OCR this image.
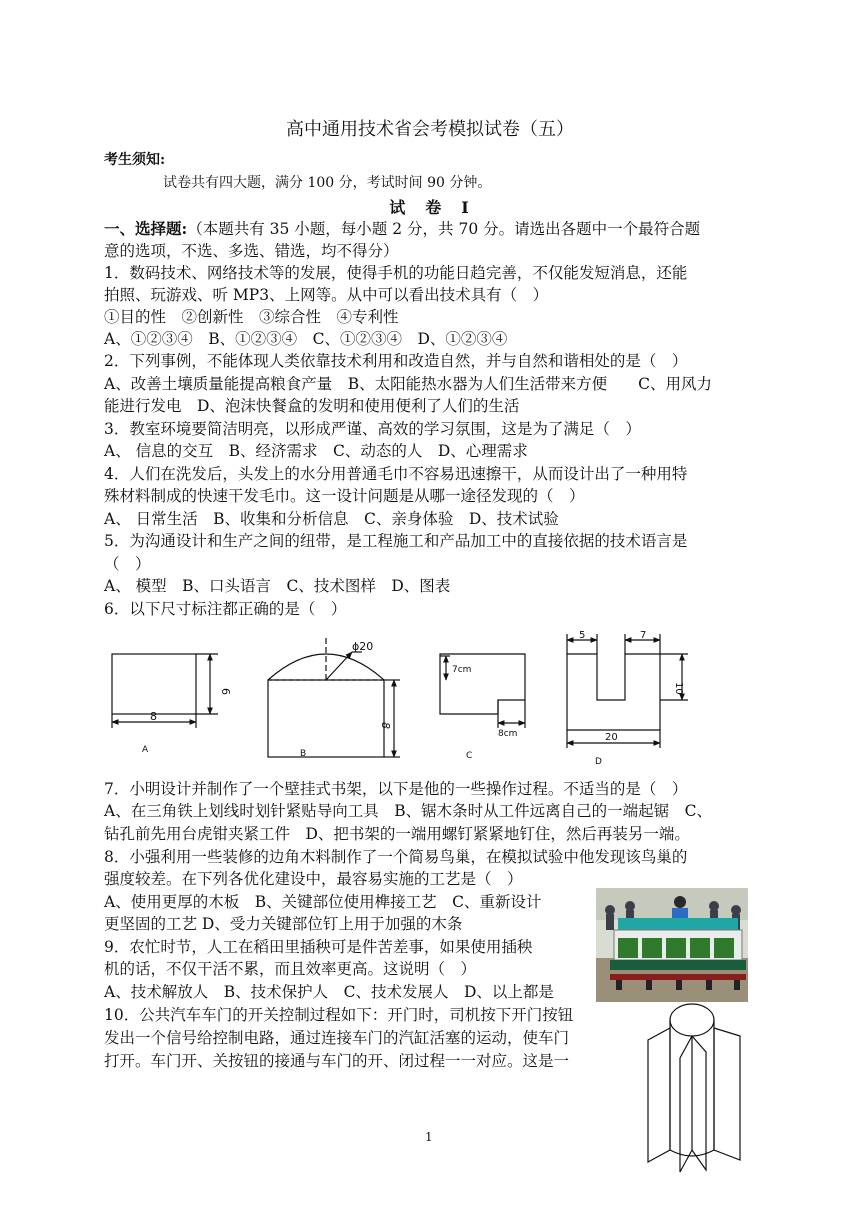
高中通用技术省会考模拟试卷（五）
考生须知:
试卷共有四大题，满分 100 分，考试时间 90 分钟。
试　卷　Ⅰ
一、选择题:（本题共有 35 小题，每小题 2 分，共 70 分。请选出各题中一个最符合题
意的选项，不选、多选、错选，均不得分）
1．数码技术、网络技术等的发展，使得手机的功能日趋完善，不仅能发短消息，还能
拍照、玩游戏、听 MP3、上网等。从中可以看出技术具有（　）
①目的性　②创新性　③综合性　④专利性
A、①②③④　B、①②③④　C、①②③④　D、①②③④
2．下列事例，不能体现人类依靠技术利用和改造自然，并与自然和谐相处的是（　）
A、改善土壤质量能提高粮食产量　B、太阳能热水器为人们生活带来方便　　C、用风力
能进行发电　D、泡沫快餐盒的发明和使用便利了人们的生活
3．教室环境要简洁明亮，以形成严谨、高效的学习氛围，这是为了满足（　）
A、 信息的交互　B、经济需求　C、动态的人　D、心理需求
4．人们在洗发后，头发上的水分用普通毛巾不容易迅速擦干，从而设计出了一种用特
殊材料制成的快速干发毛巾。这一设计问题是从哪一途径发现的（　）
A、 日常生活　B、收集和分析信息　C、亲身体验　D、技术试验
5．为沟通设计和生产之间的纽带，是工程施工和产品加工中的直接依据的技术语言是
（　）
A、 模型　B、口头语言　C、技术图样　D、图表
6．以下尺寸标注都正确的是（　）
6
8
ϕ20
8
7cm
8cm
5	7
10
20
A	B	C
D
7．小明设计并制作了一个壁挂式书架，以下是他的一些操作过程。不适当的是（　）
A、在三角铁上划线时划针紧贴导向工具　B、锯木条时从工件远离自己的一端起锯　C、
钻孔前先用台虎钳夹紧工件　D、把书架的一端用螺钉紧紧地钉住，然后再装另一端。
8．小强利用一些装修的边角木料制作了一个简易鸟巢，在模拟试验中他发现该鸟巢的
强度较差。在下列各优化建设中，最容易实施的工艺是（　）
A、使用更厚的木板　B、关键部位使用榫接工艺　C、重新设计
更坚固的工艺 D、受力关键部位钉上用于加强的木条
9．农忙时节，人工在稻田里插秧可是件苦差事，如果使用插秧
机的话，不仅干活不累，而且效率更高。这说明（　）
A、技术解放人　B、技术保护人　C、技术发展人　D、以上都是
10．公共汽车车门的开关控制过程如下：开门时，司机按下开门按钮
发出一个信号给控制电路，通过连接车门的汽缸活塞的运动，使车门
打开。车门开、关按钮的接通与车门的开、闭过程一一对应。这是一
1
